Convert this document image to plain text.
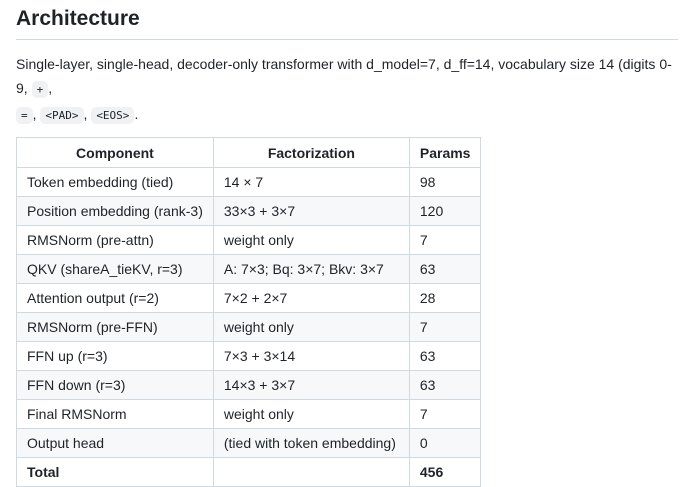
Architecture

Single-layer, single-head, decoder-only transformer with d_model=7, d_ff=14, vocabulary size 14 (digits 0-9, + ,
= , <PAD> , <EOS> .

Component	Factorization	Params
Token embedding (tied)	14 × 7	98
Position embedding (rank-3)	33×3 + 3×7	120
RMSNorm (pre-attn)	weight only	7
QKV (shareA_tieKV, r=3)	A: 7×3; Bq: 3×7; Bkv: 3×7	63
Attention output (r=2)	7×2 + 2×7	28
RMSNorm (pre-FFN)	weight only	7
FFN up (r=3)	7×3 + 3×14	63
FFN down (r=3)	14×3 + 3×7	63
Final RMSNorm	weight only	7
Output head	(tied with token embedding)	0
Total		456
